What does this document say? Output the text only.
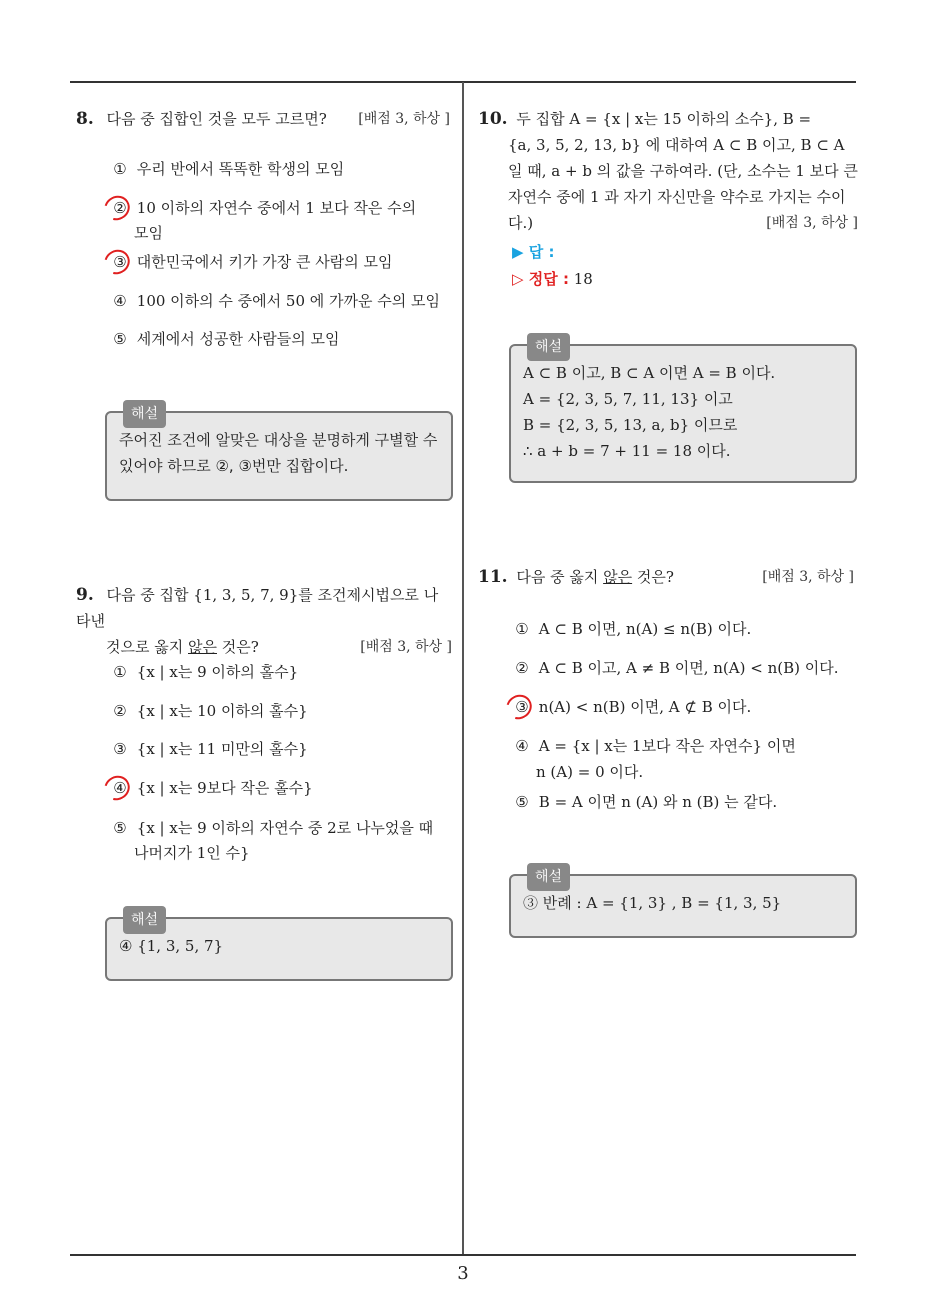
8. 다음 중 집합인 것을 모두 고르면? [배점 3, 하상 ]
① 우리 반에서 똑똑한 학생의 모임
② 10 이하의 자연수 중에서 1 보다 작은 수의
모임
③ 대한민국에서 키가 가장 큰 사람의 모임
④ 100 이하의 수 중에서 50 에 가까운 수의 모임
⑤ 세계에서 성공한 사람들의 모임
해설
주어진 조건에 알맞은 대상을 분명하게 구별할 수
있어야 하므로 ②, ③번만 집합이다.
9. 다음 중 집합 {1, 3, 5, 7, 9}를 조건제시법으로 나타낸
것으로 옳지 않은 것은?	[배점 3, 하상 ]
① {x | x는 9 이하의 홀수}
② {x | x는 10 이하의 홀수}
③ {x | x는 11 미만의 홀수}
④ {x | x는 9보다 작은 홀수}
⑤ {x | x는 9 이하의 자연수 중 2로 나누었을 때
나머지가 1인 수}
해설
④ {1, 3, 5, 7}
10. 두 집합 A = {x | x는 15 이하의 소수}, B =
{a, 3, 5, 2, 13, b} 에 대하여 A ⊂ B 이고, B ⊂ A
일 때, a + b 의 값을 구하여라. (단, 소수는 1 보다 큰
자연수 중에 1 과 자기 자신만을 약수로 가지는 수이
다.)	[배점 3, 하상 ]
▶ 답 :
▷ 정답 : 18
해설
A ⊂ B 이고, B ⊂ A 이면 A = B 이다.
A = {2, 3, 5, 7, 11, 13} 이고
B = {2, 3, 5, 13, a, b} 이므로
∴ a + b = 7 + 11 = 18 이다.
11. 다음 중 옳지 않은 것은?	[배점 3, 하상 ]
① A ⊂ B 이면, n(A) ≤ n(B) 이다.
② A ⊂ B 이고, A ≠ B 이면, n(A) < n(B) 이다.
③ n(A) < n(B) 이면, A ⊄ B 이다.
④ A = {x | x는 1보다 작은 자연수} 이면
n (A) = 0 이다.
⑤ B = A 이면 n (A) 와 n (B) 는 같다.
해설
③ 반례 : A = {1, 3} , B = {1, 3, 5}
3
